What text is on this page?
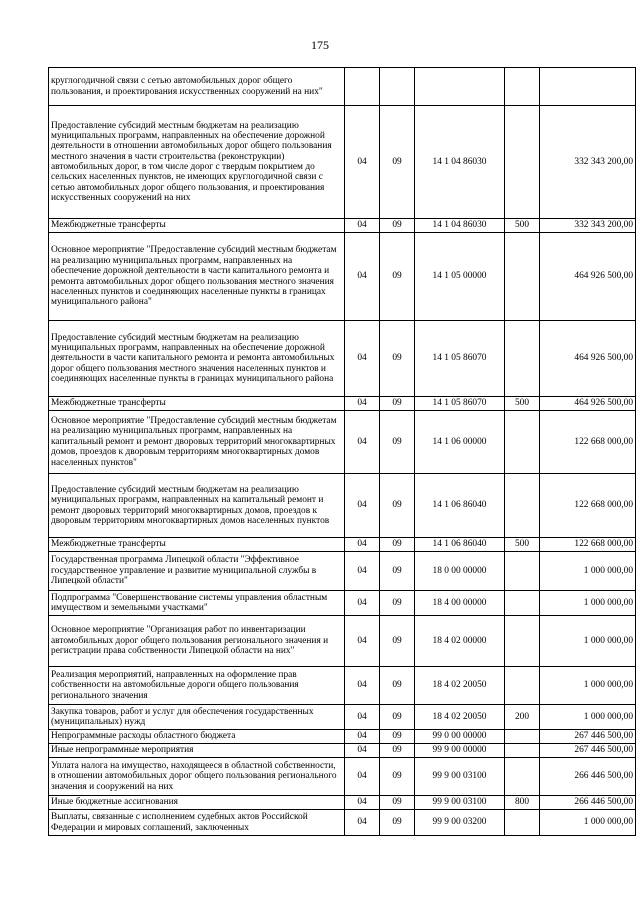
175
круглогодичной связи с сетью автомобильных дорог общего пользования, и проектирования искусственных сооружений на них"					
Предоставление субсидий местным бюджетам на реализацию муниципальных программ, направленных на обеспечение дорожной деятельности в отношении автомобильных дорог общего пользования местного значения в части строительства (реконструкции) автомобильных дорог, в том числе дорог с твердым покрытием до сельских населенных пунктов, не имеющих круглогодичной связи с сетью автомобильных дорог общего пользования, и проектирования искусственных сооружений на них	04	09	14 1 04 86030		332 343 200,00
Межбюджетные трансферты	04	09	14 1 04 86030	500	332 343 200,00
Основное мероприятие "Предоставление субсидий местным бюджетам на реализацию муниципальных программ, направленных на обеспечение дорожной деятельности в части капитального ремонта и ремонта автомобильных дорог общего пользования местного значения населенных пунктов и соединяющих населенные пункты в границах муниципального района"	04	09	14 1 05 00000		464 926 500,00
Предоставление субсидий местным бюджетам на реализацию муниципальных программ, направленных на обеспечение дорожной деятельности в части капитального ремонта и ремонта автомобильных дорог общего пользования местного значения населенных пунктов и соединяющих населенные пункты в границах муниципального района	04	09	14 1 05 86070		464 926 500,00
Межбюджетные трансферты	04	09	14 1 05 86070	500	464 926 500,00
Основное мероприятие "Предоставление субсидий местным бюджетам на реализацию муниципальных программ, направленных на капитальный ремонт и ремонт дворовых территорий многоквартирных домов, проездов к дворовым территориям многоквартирных домов населенных пунктов"	04	09	14 1 06 00000		122 668 000,00
Предоставление субсидий местным бюджетам на реализацию муниципальных программ, направленных на капитальный ремонт и ремонт дворовых территорий многоквартирных домов, проездов к дворовым территориям многоквартирных домов населенных пунктов	04	09	14 1 06 86040		122 668 000,00
Межбюджетные трансферты	04	09	14 1 06 86040	500	122 668 000,00
Государственная программа Липецкой области "Эффективное государственное управление и развитие муниципальной службы в Липецкой области"	04	09	18 0 00 00000		1 000 000,00
Подпрограмма "Совершенствование системы управления областным имуществом и земельными участками"	04	09	18 4 00 00000		1 000 000,00
Основное мероприятие "Организация работ по инвентаризации автомобильных дорог общего пользования регионального значения и регистрации права собственности Липецкой области на них"	04	09	18 4 02 00000		1 000 000,00
Реализация мероприятий, направленных на оформление прав собственности на автомобильные дороги общего пользования регионального значения	04	09	18 4 02 20050		1 000 000,00
Закупка товаров, работ и услуг для обеспечения государственных (муниципальных) нужд	04	09	18 4 02 20050	200	1 000 000,00
Непрограммные расходы областного бюджета	04	09	99 0 00 00000		267 446 500,00
Иные непрограммные мероприятия	04	09	99 9 00 00000		267 446 500,00
Уплата налога на имущество, находящееся в областной собственности, в отношении автомобильных дорог общего пользования регионального значения и сооружений на них	04	09	99 9 00 03100		266 446 500,00
Иные бюджетные ассигнования	04	09	99 9 00 03100	800	266 446 500,00
Выплаты, связанные с исполнением судебных актов Российской Федерации и мировых соглашений, заключенных	04	09	99 9 00 03200		1 000 000,00
